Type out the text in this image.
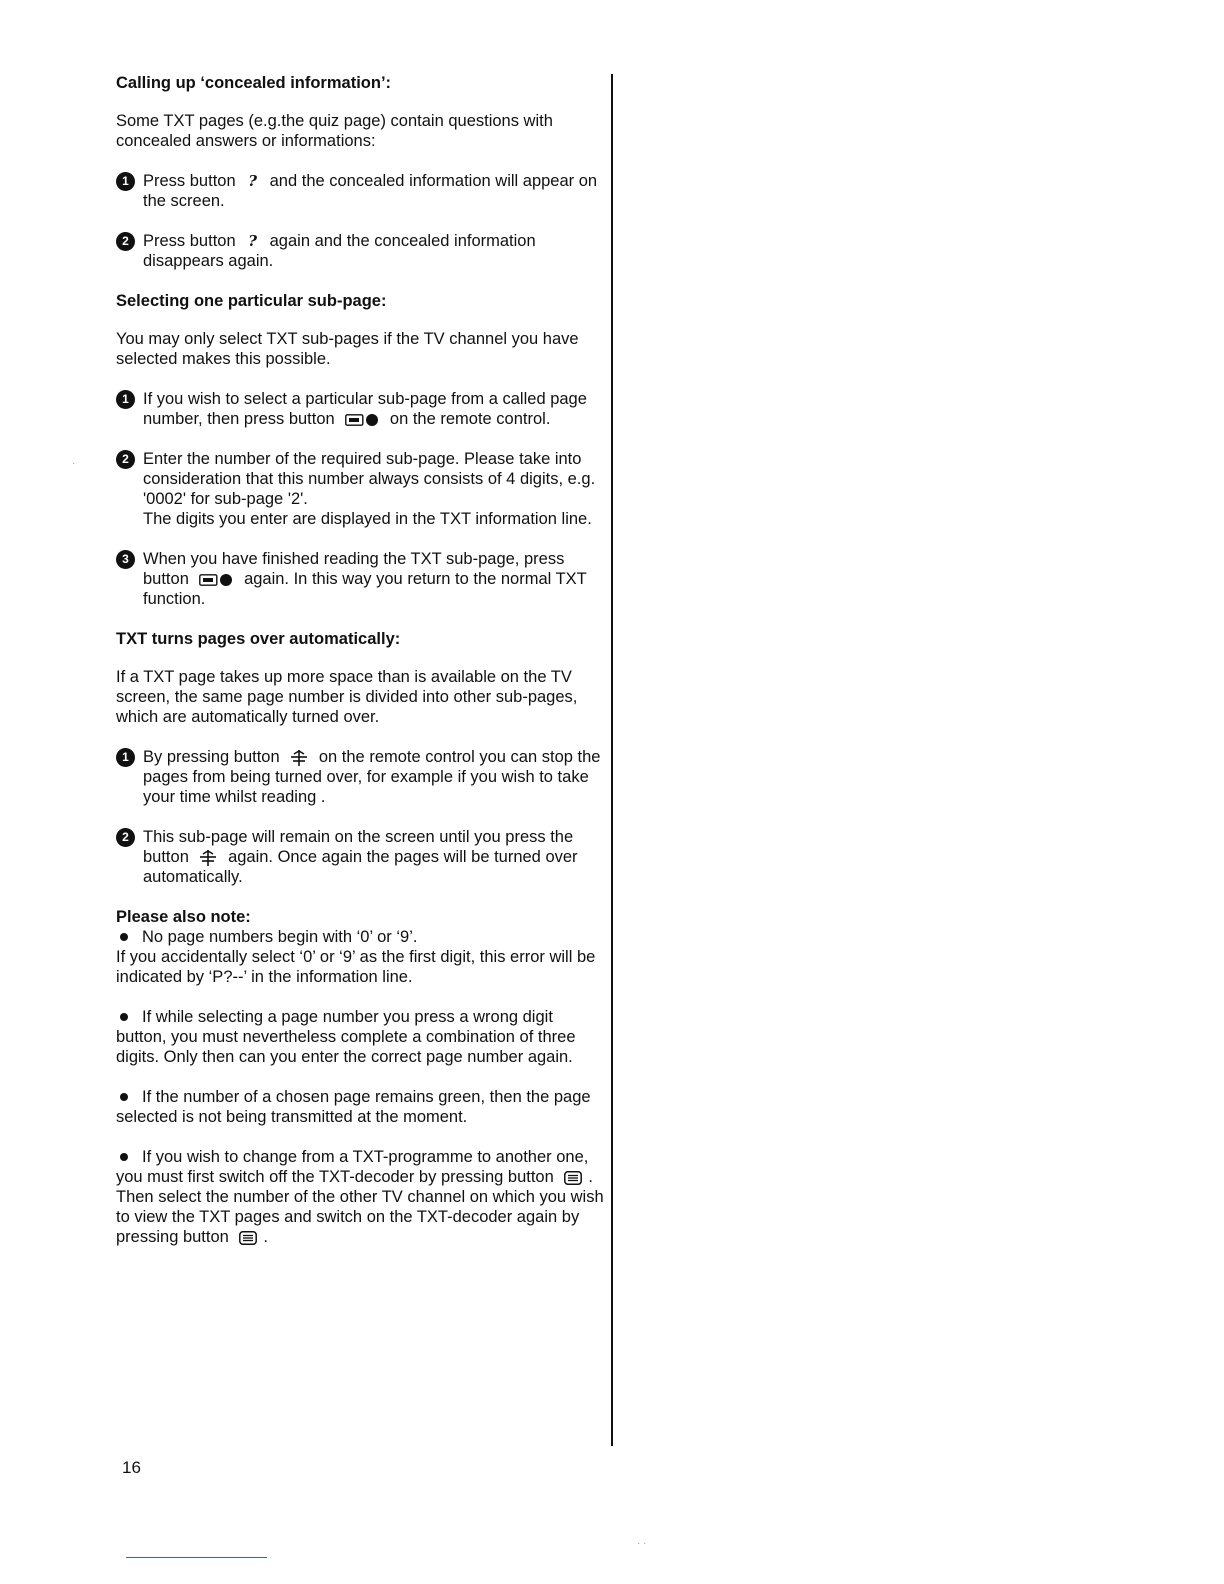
Calling up ‘concealed information’:

Some TXT pages (e.g.the quiz page) contain questions with concealed answers or informations:

1 Press button ? and the concealed information will appear on the screen.
2 Press button ? again and the concealed information disappears again.
Selecting one particular sub-page:

You may only select TXT sub-pages if the TV channel you have selected makes this possible.

1 If you wish to select a particular sub-page from a called page number, then press button	on the remote control.
2 Enter the number of the required sub-page. Please take into consideration that this number always consists of 4 digits, e.g. '0002' for sub-page '2'.
The digits you enter are displayed in the TXT information line.
3 When you have finished reading the TXT sub-page, press button	again. In this way you return to the normal TXT function.
TXT turns pages over automatically:

If a TXT page takes up more space than is available on the TV screen, the same page number is divided into other sub-pages, which are automatically turned over.

1 By pressing button on the remote control you can stop the pages from being turned over, for example if you wish to take your time whilst reading .
2 This sub-page will remain on the screen until you press the button again. Once again the pages will be turned over automatically.
Please also note:
No page numbers begin with ‘0’ or ‘9’.
If you accidentally select ‘0’ or ‘9’ as the first digit, this error will be indicated by ‘P?--’ in the information line.
If while selecting a page number you press a wrong digit button, you must nevertheless complete a combination of three digits. Only then can you enter the correct page number again.
If the number of a chosen page remains green, then the page selected is not being transmitted at the moment.
If you wish to change from a TXT-programme to another one, you must first switch off the TXT-decoder by pressing button . Then select the number of the other TV channel on which you wish to view the TXT pages and switch on the TXT-decoder again by pressing button .
16
· ·
·
